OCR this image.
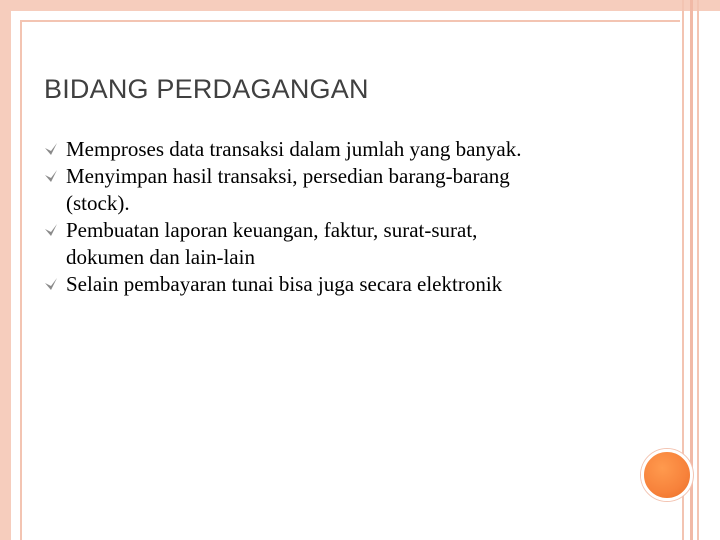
BIDANG PERDAGANGAN
Memproses data transaksi dalam jumlah yang banyak.
Menyimpan hasil transaksi, persedian barang-barang
(stock).
Pembuatan laporan keuangan, faktur, surat-surat,
dokumen dan lain-lain
Selain pembayaran tunai bisa juga secara elektronik
